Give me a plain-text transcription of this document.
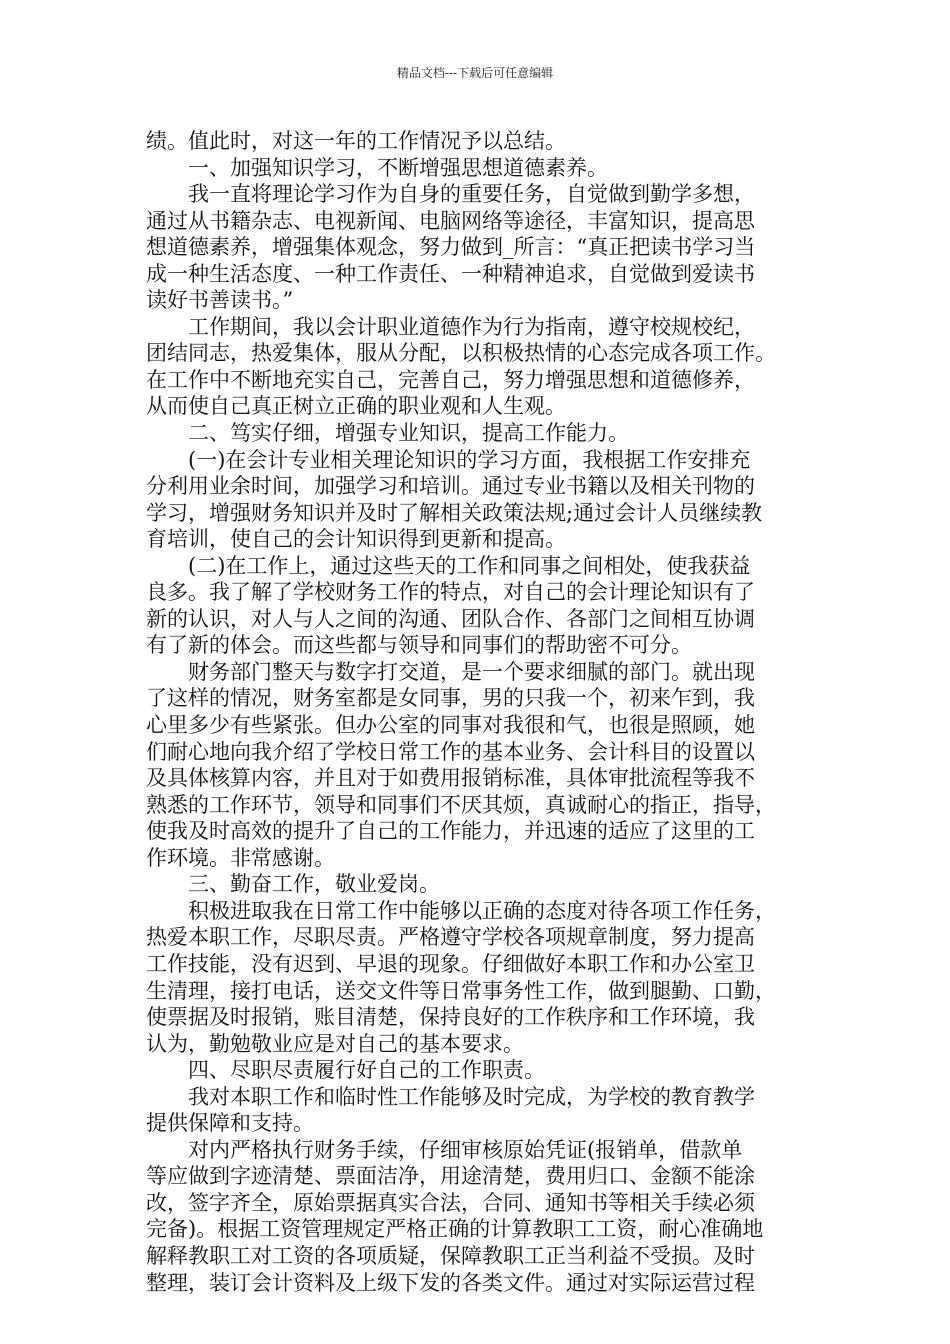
精品文档---下载后可任意编辑
绩。值此时，对这一年的工作情况予以总结。
　　一、加强知识学习，不断增强思想道德素养。
　　我一直将理论学习作为自身的重要任务，自觉做到勤学多想，
通过从书籍杂志、电视新闻、电脑网络等途径，丰富知识，提高思
想道德素养，增强集体观念，努力做到_所言：“真正把读书学习当
成一种生活态度、一种工作责任、一种精神追求，自觉做到爱读书
读好书善读书。”
　　工作期间，我以会计职业道德作为行为指南，遵守校规校纪，
团结同志，热爱集体，服从分配，以积极热情的心态完成各项工作。
在工作中不断地充实自己，完善自己，努力增强思想和道德修养，
从而使自己真正树立正确的职业观和人生观。
　　二、笃实仔细，增强专业知识，提高工作能力。
　　(一)在会计专业相关理论知识的学习方面，我根据工作安排充
分利用业余时间，加强学习和培训。通过专业书籍以及相关刊物的
学习，增强财务知识并及时了解相关政策法规;通过会计人员继续教
育培训，使自己的会计知识得到更新和提高。
　　(二)在工作上，通过这些天的工作和同事之间相处，使我获益
良多。我了解了学校财务工作的特点，对自己的会计理论知识有了
新的认识，对人与人之间的沟通、团队合作、各部门之间相互协调
有了新的体会。而这些都与领导和同事们的帮助密不可分。
　　财务部门整天与数字打交道，是一个要求细腻的部门。就出现
了这样的情况，财务室都是女同事，男的只我一个，初来乍到，我
心里多少有些紧张。但办公室的同事对我很和气，也很是照顾，她
们耐心地向我介绍了学校日常工作的基本业务、会计科目的设置以
及具体核算内容，并且对于如费用报销标准，具体审批流程等我不
熟悉的工作环节，领导和同事们不厌其烦，真诚耐心的指正，指导，
使我及时高效的提升了自己的工作能力，并迅速的适应了这里的工
作环境。非常感谢。
　　三、勤奋工作，敬业爱岗。
　　积极进取我在日常工作中能够以正确的态度对待各项工作任务，
热爱本职工作，尽职尽责。严格遵守学校各项规章制度，努力提高
工作技能，没有迟到、早退的现象。仔细做好本职工作和办公室卫
生清理，接打电话，送交文件等日常事务性工作，做到腿勤、口勤，
使票据及时报销，账目清楚，保持良好的工作秩序和工作环境，我
认为，勤勉敬业应是对自己的基本要求。
　　四、尽职尽责履行好自己的工作职责。
　　我对本职工作和临时性工作能够及时完成，为学校的教育教学
提供保障和支持。
　　对内严格执行财务手续，仔细审核原始凭证(报销单，借款单
等应做到字迹清楚、票面洁净，用途清楚，费用归口、金额不能涂
改，签字齐全，原始票据真实合法，合同、通知书等相关手续必须
完备)。根据工资管理规定严格正确的计算教职工工资，耐心准确地
解释教职工对工资的各项质疑，保障教职工正当利益不受损。及时
整理，装订会计资料及上级下发的各类文件。通过对实际运营过程
